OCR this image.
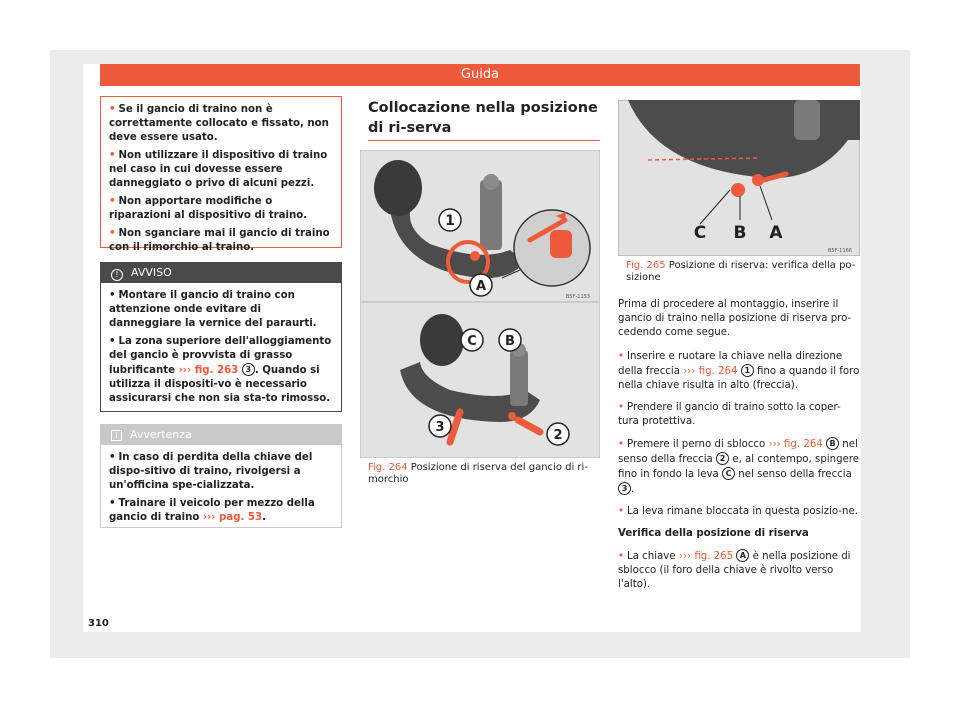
Guida
• Se il gancio di traino non è correttamente collocato e fissato, non deve essere usato.
• Non utilizzare il dispositivo di traino nel caso in cui dovesse essere danneggiato o privo di alcuni pezzi.
• Non apportare modifiche o riparazioni al dispositivo di traino.
• Non sganciare mai il gancio di traino con il rimorchio al traino.
! AVVISO
• Montare il gancio di traino con attenzione onde evitare di danneggiare la vernice del paraurti.
• La zona superiore dell'alloggiamento del gancio è provvista di grasso lubrificante ››› fig. 263 3 . Quando si utilizza il dispositi-vo è necessario assicurarsi che non sia sta-to rimosso.
i Avvertenza
• In caso di perdita della chiave del dispo-sitivo di traino, rivolgersi a un'officina spe-cializzata.
• Trainare il veicolo per mezzo della gancio di traino ››› pag. 53.
310
Collocazione nella posizione di ri-serva
1
A
B5F-1153
C B
3
2
Fig. 264 Posizione di riserva del gancio di ri-morchio
C B A
B5F-1166
Fig. 265 Posizione di riserva: verifica della po-sizione

Prima di procedere al montaggio, inserire il gancio di traino nella posizione di riserva pro-cedendo come segue.

• Inserire e ruotare la chiave nella direzione della freccia ››› fig. 264 1 fino a quando il foro nella chiave risulta in alto (freccia).
• Prendere il gancio di traino sotto la coper-tura protettiva.
• Premere il perno di sblocco ››› fig. 264 B nel senso della freccia 2 e, al contempo, spingere fino in fondo la leva C nel senso della freccia 3 .
• La leva rimane bloccata in questa posizio-ne.
Verifica della posizione di riserva
• La chiave ››› fig. 265 A è nella posizione di sblocco (il foro della chiave è rivolto verso l'alto).
